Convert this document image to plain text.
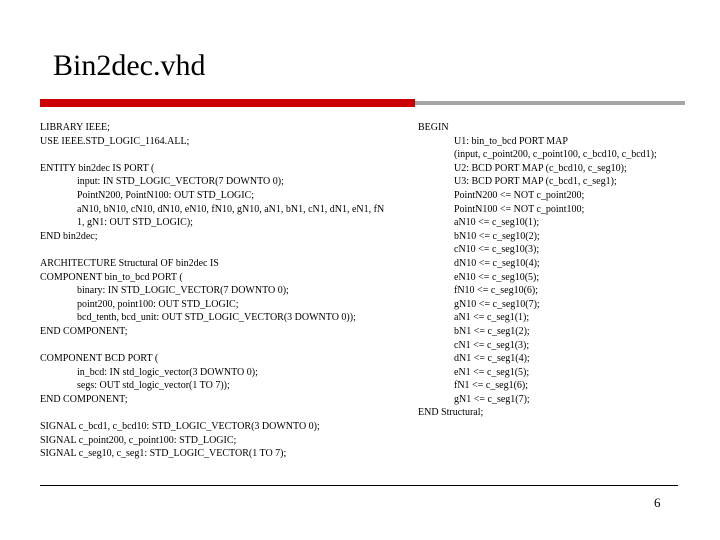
Bin2dec.vhd
LIBRARY IEEE;
USE IEEE.STD_LOGIC_1164.ALL;
ENTITY bin2dec IS PORT (
input: IN STD_LOGIC_VECTOR(7 DOWNTO 0);
PointN200, PointN100: OUT STD_LOGIC;
aN10, bN10, cN10, dN10, eN10, fN10, gN10, aN1, bN1, cN1, dN1, eN1, fN
1, gN1: OUT STD_LOGIC);
END bin2dec;
ARCHITECTURE Structural OF bin2dec IS
COMPONENT bin_to_bcd PORT (
binary: IN STD_LOGIC_VECTOR(7 DOWNTO 0);
point200, point100: OUT STD_LOGIC;
bcd_tenth, bcd_unit: OUT STD_LOGIC_VECTOR(3 DOWNTO 0));
END COMPONENT;
COMPONENT BCD PORT (
in_bcd: IN std_logic_vector(3 DOWNTO 0);
segs: OUT std_logic_vector(1 TO 7));
END COMPONENT;
SIGNAL c_bcd1, c_bcd10: STD_LOGIC_VECTOR(3 DOWNTO 0);
SIGNAL c_point200, c_point100: STD_LOGIC;
SIGNAL c_seg10, c_seg1: STD_LOGIC_VECTOR(1 TO 7);
BEGIN
U1: bin_to_bcd PORT MAP
(input, c_point200, c_point100, c_bcd10, c_bcd1);
U2: BCD PORT MAP (c_bcd10, c_seg10);
U3: BCD PORT MAP (c_bcd1, c_seg1);
PointN200 <= NOT c_point200;
PointN100 <= NOT c_point100;
aN10 <= c_seg10(1);
bN10 <= c_seg10(2);
cN10 <= c_seg10(3);
dN10 <= c_seg10(4);
eN10 <= c_seg10(5);
fN10 <= c_seg10(6);
gN10 <= c_seg10(7);
aN1 <= c_seg1(1);
bN1 <= c_seg1(2);
cN1 <= c_seg1(3);
dN1 <= c_seg1(4);
eN1 <= c_seg1(5);
fN1 <= c_seg1(6);
gN1 <= c_seg1(7);
END Structural;
6
